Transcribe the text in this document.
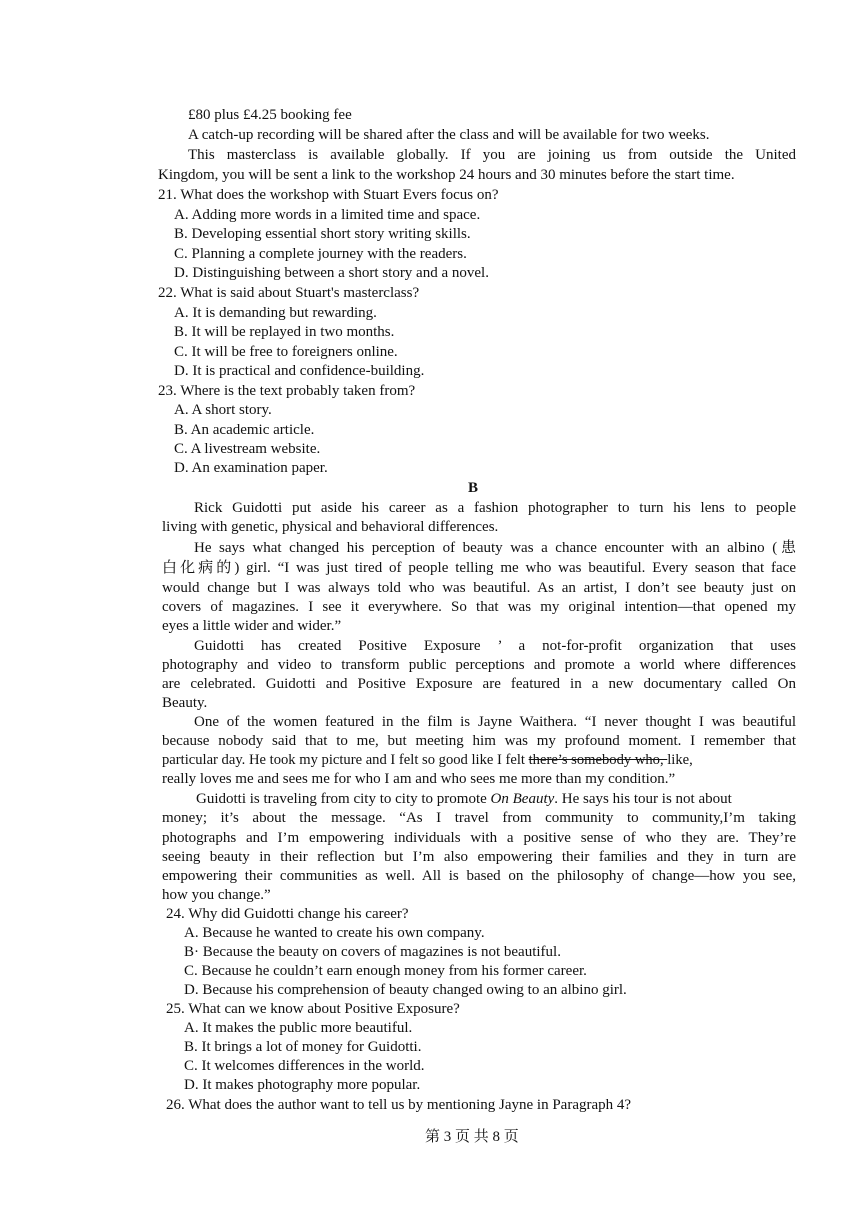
£80 plus £4.25 booking fee
A catch-up recording will be shared after the class and will be available for two weeks.
This masterclass is available globally. If you are joining us from outside the United
Kingdom, you will be sent a link to the workshop 24 hours and 30 minutes before the start time.
21. What does the workshop with Stuart Evers focus on?
A. Adding more words in a limited time and space.
B. Developing essential short story writing skills.
C. Planning a complete journey with the readers.
D. Distinguishing between a short story and a novel.
22. What is said about Stuart's masterclass?
A. It is demanding but rewarding.
B. It will be replayed in two months.
C. It will be free to foreigners online.
D. It is practical and confidence-building.
23. Where is the text probably taken from?
A. A short story.
B. An academic article.
C. A livestream website.
D. An examination paper.
B
Rick Guidotti put aside his career as a fashion photographer to turn his lens to people
living with genetic, physical and behavioral differences.
He says what changed his perception of beauty was a chance encounter with an albino (患
白化病的) girl. “I was just tired of people telling me who was beautiful. Every season that face
would change but I was always told who was beautiful. As an artist, I don’t see beauty just on
covers of magazines. I see it everywhere. So that was my original intention—that opened my
eyes a little wider and wider.”
Guidotti has created Positive Exposure ’ a not-for-profit organization that uses
photography and video to transform public perceptions and promote a world where differences
are celebrated. Guidotti and Positive Exposure are featured in a new documentary called On
Beauty.
One of the women featured in the film is Jayne Waithera. “I never thought I was beautiful
because nobody said that to me, but meeting him was my profound moment. I remember that
particular day. He took my picture and I felt so good like I felt there’s somebody who, like,
really loves me and sees me for who I am and who sees me more than my condition.”
Guidotti is traveling from city to city to promote On Beauty. He says his tour is not about
money; it’s about the message. “As I travel from community to community,I’m taking
photographs and I’m empowering individuals with a positive sense of who they are. They’re
seeing beauty in their reflection but I’m also empowering their families and they in turn are
empowering their communities as well. All is based on the philosophy of change—how you see,
how you change.”
24. Why did Guidotti change his career?
A. Because he wanted to create his own company.
B· Because the beauty on covers of magazines is not beautiful.
C. Because he couldn’t earn enough money from his former career.
D. Because his comprehension of beauty changed owing to an albino girl.
25. What can we know about Positive Exposure?
A. It makes the public more beautiful.
B. It brings a lot of money for Guidotti.
C. It welcomes differences in the world.
D. It makes photography more popular.
26. What does the author want to tell us by mentioning Jayne in Paragraph 4?
第 3 页 共 8 页
